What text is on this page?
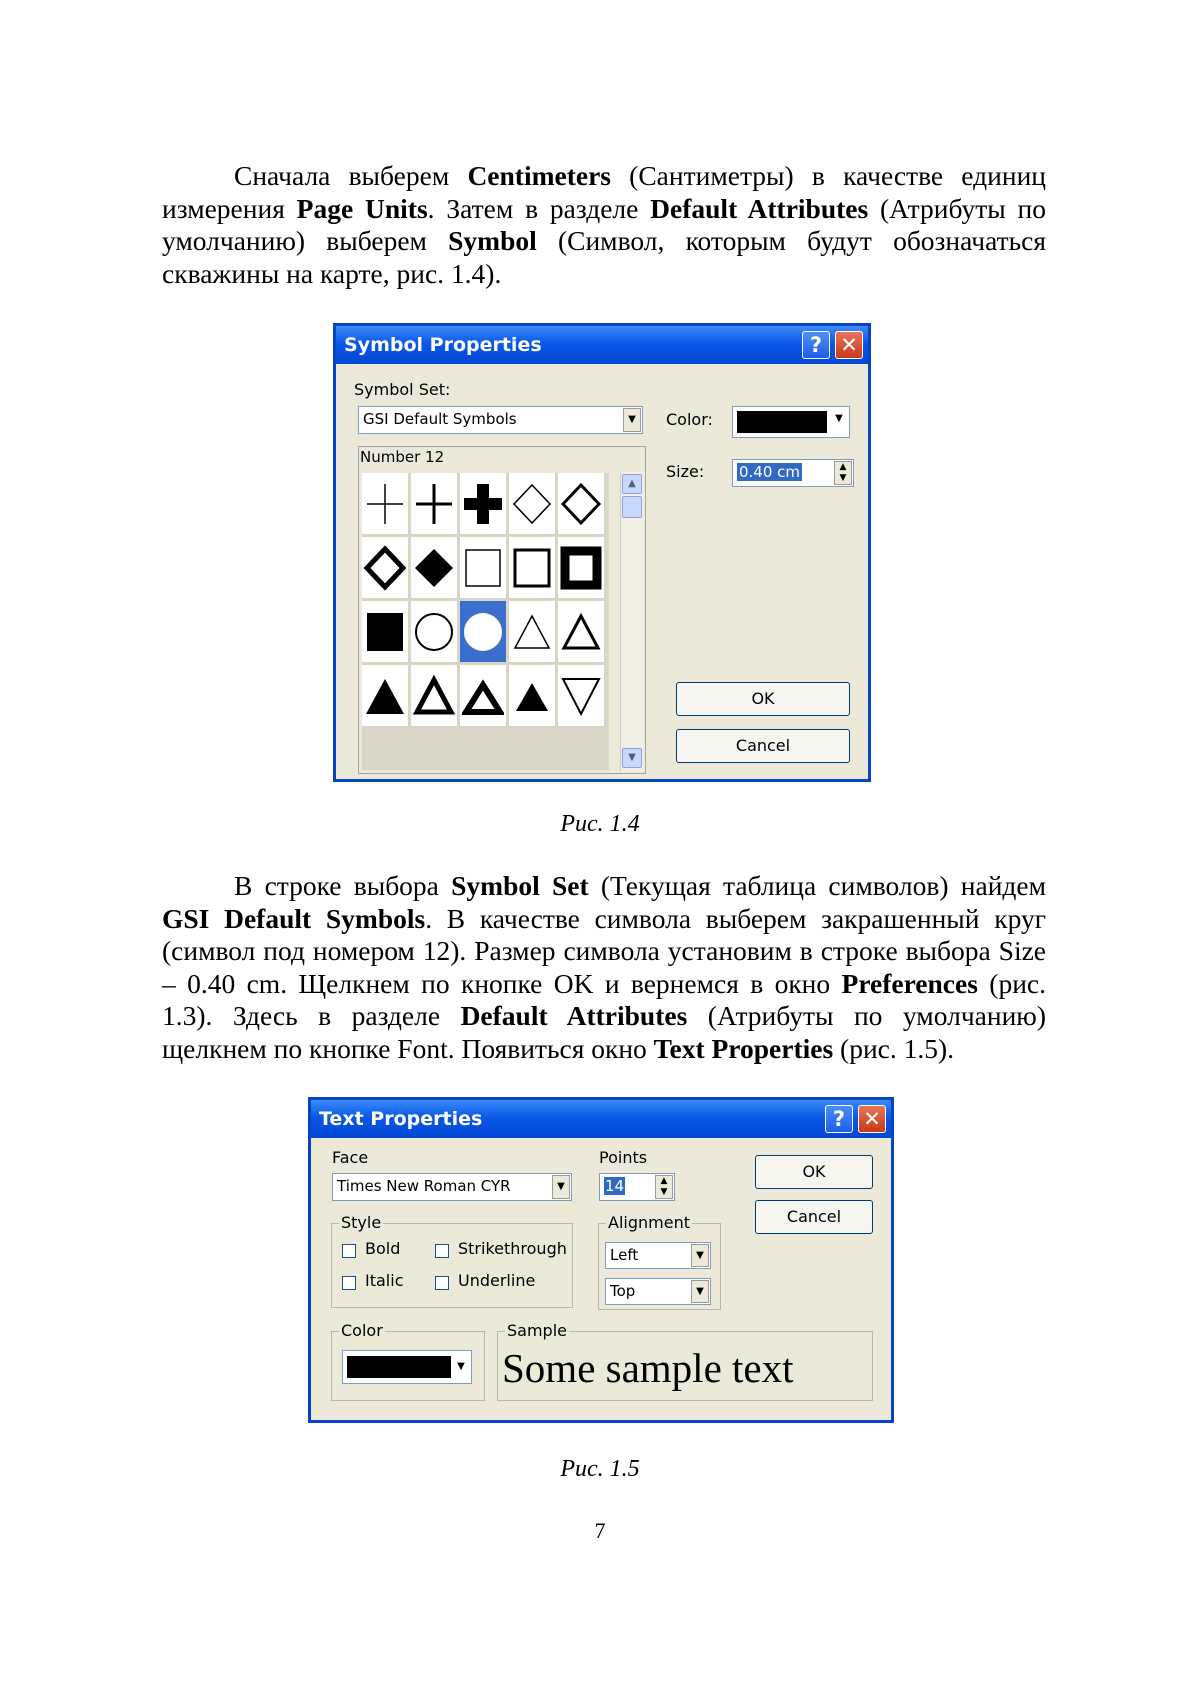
Сначала выберем Centimeters (Сантиметры) в качестве единиц измерения Page Units. Затем в разделе Default Attributes (Атрибуты по умолчанию) выберем Symbol (Символ, которым будут обозначаться скважины на карте, рис. 1.4).

Symbol Properties	? ✕
Symbol Set:
GSI Default Symbols	▼
Number 12
▲
▼
Color:	▼
Size:	0.40 cm	▲
▼
OK
Cancel
Рис. 1.4

В строке выбора Symbol Set (Текущая таблица символов) найдем GSI Default Symbols. В качестве символа выберем закрашенный круг (символ под номером 12). Размер символа установим в строке выбора Size – 0.40 cm. Щелкнем по кнопке OK и вернемся в окно Preferences (рис. 1.3). Здесь в разделе Default Attributes (Атрибуты по умолчанию) щелкнем по кнопке Font. Появиться окно Text Properties (рис. 1.5).

Text Properties	? ✕
Face
Times New Roman CYR	▼
Points
14	▲
▼
OK
Cancel
Style
Bold	Strikethrough
Italic	Underline
Alignment
Left	▼
Top	▼
Color
▼
Sample
Some sample text
Рис. 1.5
7
